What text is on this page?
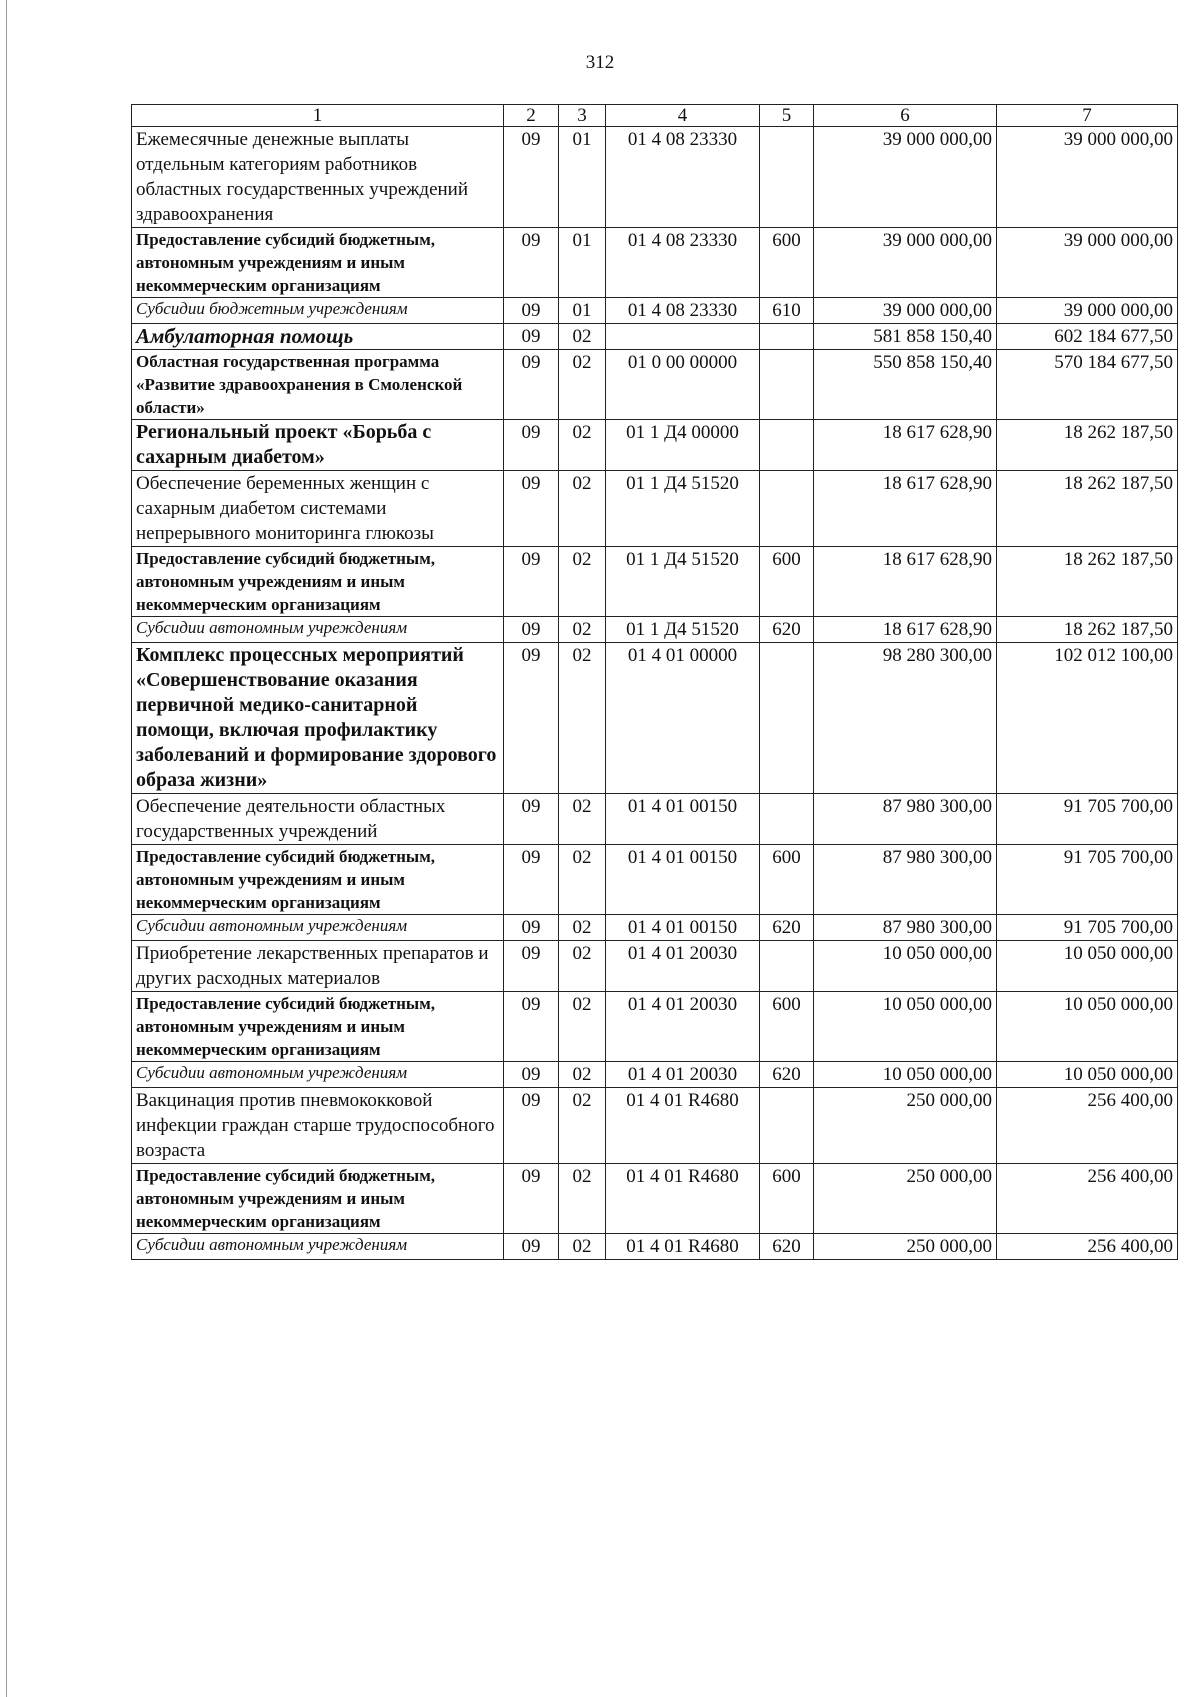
312
1	2	3	4	5	6	7
Ежемесячные денежные выплаты отдельным категориям работников областных государственных учреждений здравоохранения	09	01	01 4 08 23330		39 000 000,00	39 000 000,00
Предоставление субсидий бюджетным, автономным учреждениям и иным некоммерческим организациям	09	01	01 4 08 23330	600	39 000 000,00	39 000 000,00
Субсидии бюджетным учреждениям	09	01	01 4 08 23330	610	39 000 000,00	39 000 000,00
Амбулаторная помощь	09	02			581 858 150,40	602 184 677,50
Областная государственная программа «Развитие здравоохранения в Смоленской области»	09	02	01 0 00 00000		550 858 150,40	570 184 677,50
Региональный проект «Борьба с сахарным диабетом»	09	02	01 1 Д4 00000		18 617 628,90	18 262 187,50
Обеспечение беременных женщин с сахарным диабетом системами непрерывного мониторинга глюкозы	09	02	01 1 Д4 51520		18 617 628,90	18 262 187,50
Предоставление субсидий бюджетным, автономным учреждениям и иным некоммерческим организациям	09	02	01 1 Д4 51520	600	18 617 628,90	18 262 187,50
Субсидии автономным учреждениям	09	02	01 1 Д4 51520	620	18 617 628,90	18 262 187,50
Комплекс процессных мероприятий «Совершенствование оказания первичной медико-санитарной помощи, включая профилактику заболеваний и формирование здорового образа жизни»	09	02	01 4 01 00000		98 280 300,00	102 012 100,00
Обеспечение деятельности областных государственных учреждений	09	02	01 4 01 00150		87 980 300,00	91 705 700,00
Предоставление субсидий бюджетным, автономным учреждениям и иным некоммерческим организациям	09	02	01 4 01 00150	600	87 980 300,00	91 705 700,00
Субсидии автономным учреждениям	09	02	01 4 01 00150	620	87 980 300,00	91 705 700,00
Приобретение лекарственных препаратов и других расходных материалов	09	02	01 4 01 20030		10 050 000,00	10 050 000,00
Предоставление субсидий бюджетным, автономным учреждениям и иным некоммерческим организациям	09	02	01 4 01 20030	600	10 050 000,00	10 050 000,00
Субсидии автономным учреждениям	09	02	01 4 01 20030	620	10 050 000,00	10 050 000,00
Вакцинация против пневмококковой инфекции граждан старше трудоспособного возраста	09	02	01 4 01 R4680		250 000,00	256 400,00
Предоставление субсидий бюджетным, автономным учреждениям и иным некоммерческим организациям	09	02	01 4 01 R4680	600	250 000,00	256 400,00
Субсидии автономным учреждениям	09	02	01 4 01 R4680	620	250 000,00	256 400,00
